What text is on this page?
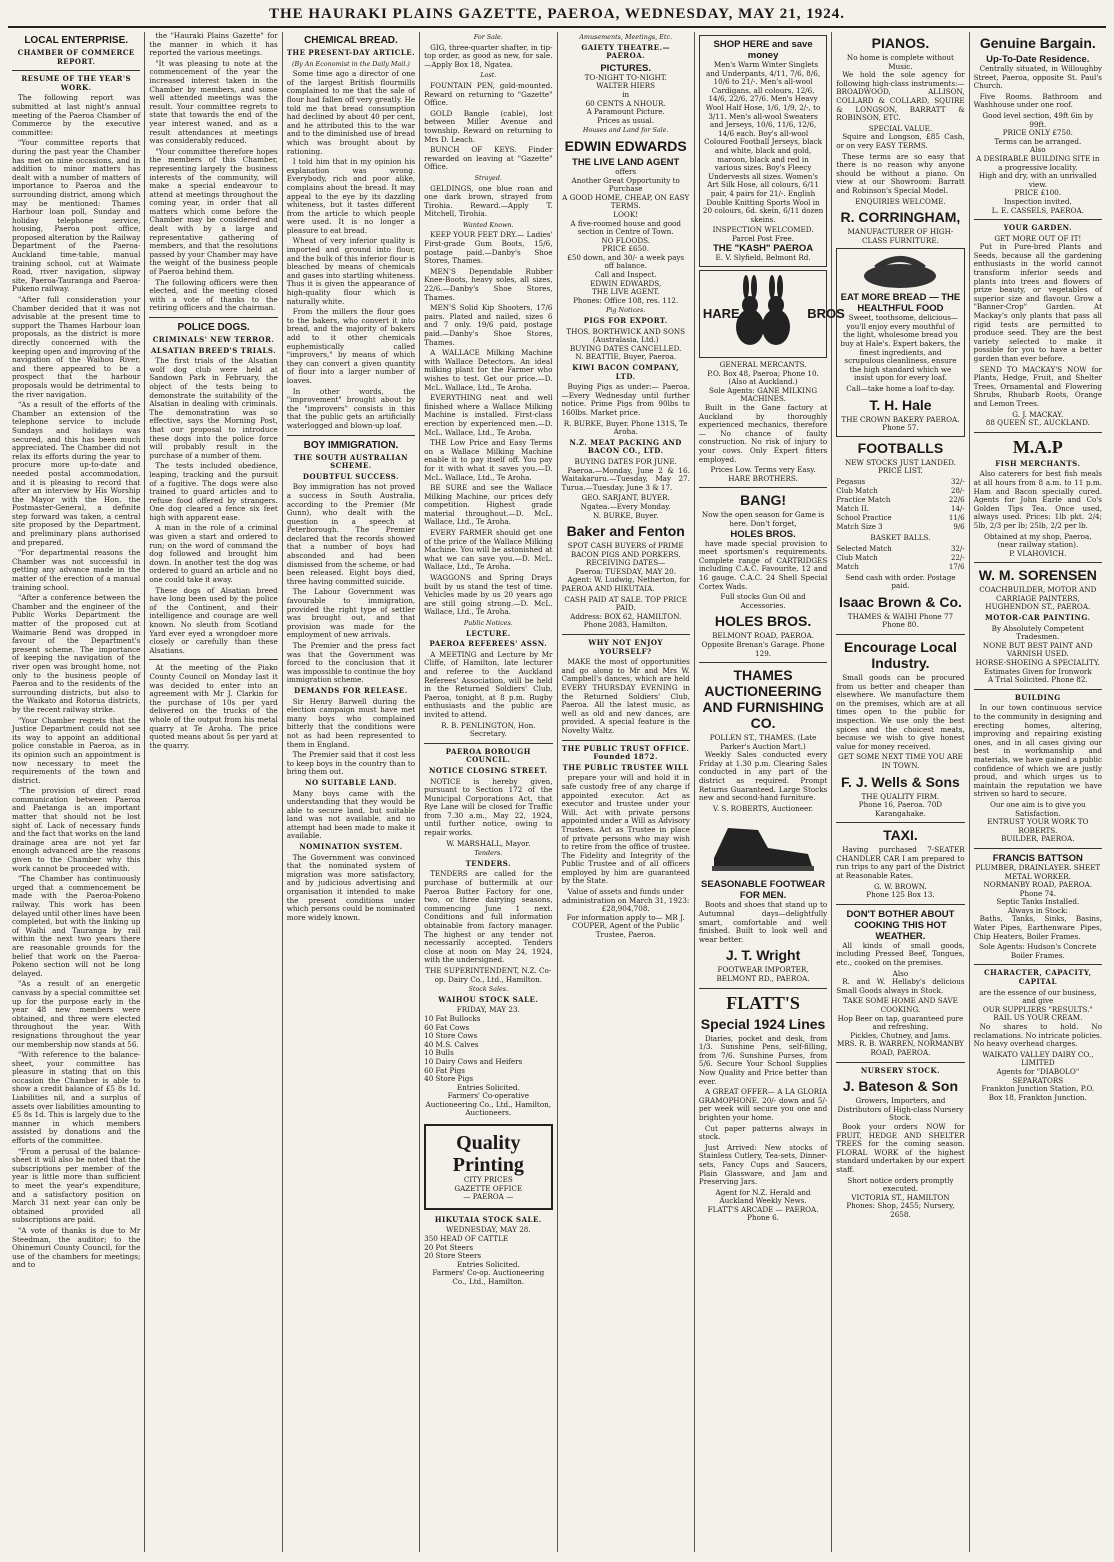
THE HAURAKI PLAINS GAZETTE, PAEROA, WEDNESDAY, MAY 21, 1924.
LOCAL ENTERPRISE.
CHAMBER OF COMMERCE REPORT.
RESUME OF THE YEAR'S WORK.

The following report was submitted at last night's annual meeting of the Paeroa Chamber of Commerce by the executive committee:

"Your committee reports that during the past year the Chamber has met on nine occasions, and in addition to minor matters has dealt with a number of matters of importance to Paeroa and the surrounding district, among which may be mentioned: Thames Harbour loan poll, Sunday and holiday telephone service, housing, Paeroa post office, proposed alteration by the Railway Department of the Paeroa-Auckland time-table, manual training school, cut at Waimate Road, river navigation, slipway site, Paeroa-Tauranga and Paeroa-Pukeno railway.

"After full consideration your Chamber decided that it was not advisable at the present time to support the Thames Harbour loan proposals, as the district is more directly concerned with the keeping open and improving of the navigation of the Waihou River, and there appeared to be a prospect that the harbour proposals would be detrimental to the river navigation.

"As a result of the efforts of the Chamber an extension of the telephone service to include Sundays and holidays was secured, and this has been much appreciated. The Chamber did not relax its efforts during the year to procure more up-to-date and needed postal accommodation, and it is pleasing to record that after an interview by His Worship the Mayor with the Hon. the Postmaster-General, a definite step forward was taken, a central site proposed by the Department, and preliminary plans authorised and prepared.

"For departmental reasons the Chamber was not successful in getting any advance made in the matter of the erection of a manual training school.

"After a conference between the Chamber and the engineer of the Public Works Department the matter of the proposed cut at Waimarie Bend was dropped in favour of the Department's present scheme. The importance of keeping the navigation of the river open was brought home, not only to the business people of Paeroa and to the residents of the surrounding districts, but also to the Waikato and Rotorua districts, by the recent railway strike.

"Your Chamber regrets that the Justice Department could not see its way to appoint an additional police constable in Paeroa, as in its opinion such an appointment is now necessary to meet the requirements of the town and district.

"The provision of direct road communication between Paeroa and Paetanga is an important matter that should not be lost sight of. Lack of necessary funds and the fact that works on the land drainage area are not yet far enough advanced are the reasons given to the Chamber why this work cannot be proceeded with.

"The Chamber has continuously urged that a commencement be made with the Paeroa-Pokeno railway. This work has been delayed until other lines have been completed, but with the linking up of Waihi and Tauranga by rail within the next two years there are reasonable grounds for the belief that work on the Paeroa-Pokeno section will not be long delayed.

"As a result of an energetic canvass by a special committee set up for the purpose early in the year 48 new members were obtained, and three were elected throughout the year. With resignations throughout the year our membership now stands at 56.

"With reference to the balance-sheet, your committee has pleasure in stating that on this occasion the Chamber is able to show a credit balance of £5 8s 1d. Liabilities nil, and a surplus of assets over liabilities amounting to £5 8s 1d. This is largely due to the manner in which members assisted by donations and the efforts of the committee.

"From a perusal of the balance-sheet it will also be noted that the subscriptions per member of the year is little more than sufficient to meet the year's expenditure, and a satisfactory position on March 31 next year can only be obtained provided all subscriptions are paid.

"A vote of thanks is due to Mr Steedman, the auditor; to the Ohinemuri County Council, for the use of the chambers for meetings; and to

the "Hauraki Plains Gazette" for the manner in which it has reported the various meetings.

"It was pleasing to note at the commencement of the year the increased interest taken in the Chamber by members, and some well attended meetings was the result. Your committee regrets to state that towards the end of the year interest waned, and as a result attendances at meetings was considerably reduced.

"Your committee therefore hopes the members of this Chamber, representing largely the business interests of the community, will make a special endeavour to attend at meetings throughout the coming year, in order that all matters which come before the Chamber may be considered and dealt with by a large and representative gathering of members, and that the resolutions passed by your Chamber may have the weight of the business people of Paeroa behind them.

The following officers were then elected, and the meeting closed with a vote of thanks to the retiring officers and the chairman.

POLICE DOGS.
CRIMINALS' NEW TERROR.
ALSATIAN BREED'S TRIALS.

The first trials of the Alsatian wolf dog club were held at Sandown Park in February, the object of the tests being to demonstrate the suitability of the Alsatian in dealing with criminals. The demonstration was so effective, says the Morning Post, that our proposal to introduce these dogs into the police force will probably result in the purchase of a number of them.

The tests included obedience, leaping, tracking and the pursuit of a fugitive. The dogs were also trained to guard articles and to refuse food offered by strangers. One dog cleared a fence six feet high with apparent ease.

A man in the role of a criminal was given a start and ordered to run; on the word of command the dog followed and brought him down. In another test the dog was ordered to guard an article and no one could take it away.

These dogs of Alsatian breed have long been used by the police of the Continent, and their intelligence and courage are well known. No sleuth from Scotland Yard ever eyed a wrongdoer more closely or carefully than these Alsatians.

At the meeting of the Piako County Council on Monday last it was decided to enter into an agreement with Mr J. Clarkin for the purchase of 10s per yard delivered on the trucks of the whole of the output from his metal quarry at Te Aroha. The price quoted means about 5s per yard at the quarry.

CHEMICAL BREAD.
THE PRESENT-DAY ARTICLE.
(By An Economist in the Daily Mail.)

Some time ago a director of one of the largest British flourmills complained to me that the sale of flour had fallen off very greatly. He told me that bread consumption had declined by about 40 per cent, and he attributed this to the war and to the diminished use of bread which was brought about by rationing.

I told him that in my opinion his explanation was wrong. Everybody, rich and poor alike, complains about the bread. It may appeal to the eye by its dazzling whiteness, but it tastes different from the article to which people were used. It is no longer a pleasure to eat bread.

Wheat of very inferior quality is imported and ground into flour, and the bulk of this inferior flour is bleached by means of chemicals and gases into startling whiteness. Thus it is given the appearance of high-quality flour which is naturally white.

From the millers the flour goes to the bakers, who convert it into bread, and the majority of bakers add to it other chemicals euphemistically called "improvers," by means of which they can convert a given quantity of flour into a larger number of loaves.

In other words, the "improvement" brought about by the "improvers" consists in this that the public gets an artificially waterlogged and blown-up loaf.

BOY IMMIGRATION.
THE SOUTH AUSTRALIAN SCHEME.
DOUBTFUL SUCCESS.

Boy immigration has not proved a success in South Australia, according to the Premier (Mr Gunn), who dealt with the question in a speech at Peterborough. The Premier declared that the records showed that a number of boys had absconded and had been dismissed from the scheme, or had been released. Eight boys died, three having committed suicide.

The Labour Government was favourable to immigration, provided the right type of settler was brought out, and that provision was made for the employment of new arrivals.

The Premier and the press fact was that the Government was forced to the conclusion that it was impossible to continue the boy immigration scheme.

DEMANDS FOR RELEASE.

Sir Henry Barwell during the election campaign must have met many boys who complained bitterly that the conditions were not as had been represented to them in England.

The Premier said that it cost less to keep boys in the country than to bring them out.

NO SUITABLE LAND.

Many boys came with the understanding that they would be able to secure land, but suitable land was not available, and no attempt had been made to make it available.

NOMINATION SYSTEM.

The Government was convinced that the nominated system of migration was more satisfactory, and by judicious advertising and organisation it intended to make the present conditions under which persons could be nominated more widely known.

For Sale.

GIG, three-quarter shafter, in tip-top order, as good as new, for sale.—Apply Box 18, Ngatea.

Lost.

FOUNTAIN PEN, gold-mounted. Reward on returning to "Gazette" Office.

GOLD Bangle (cable), lost between Miller Avenue and township. Reward on returning to Mrs D. Leach.

BUNCH OF KEYS. Finder rewarded on leaving at "Gazette" Office.

Strayed.

GELDINGS, one blue roan and one dark brown, strayed from Tirohia. Reward.—Apply T. Mitchell, Tirohia.

Wanted Known.

KEEP YOUR FEET DRY.— Ladies' First-grade Gum Boots, 15/6, postage paid.—Danby's Shoe Stores, Thames.

MEN'S Dependable Rubber Knee-Boots, heavy soles, all sizes, 22/6.—Danby's Shoe Stores, Thames.

MEN'S Solid Kip Shooters, 17/6 pairs. Plated and nailed, sizes 6 and 7 only. 19/6 paid, postage paid.—Danby's Shoe Stores, Thames.

A WALLACE Milking Machine with Wallace Detectors. An ideal milking plant for the Farmer who wishes to test. Get our price.—D. McL. Wallace, Ltd., Te Aroha.

EVERYTHING neat and well finished where a Wallace Milking Machine is installed. First-class erection by experienced men.—D. McL. Wallace, Ltd., Te Aroha.

THE Low Price and Easy Terms on a Wallace Milking Machine enable it to pay itself off. You pay for it with what it saves you.—D. McL. Wallace, Ltd., Te Aroha.

BE SURE and see the Wallace Milking Machine, our prices defy competition. Highest grade material throughout.—D. McL. Wallace, Ltd., Te Aroha.

EVERY FARMER should get one of the price of the Wallace Milking Machine. You will be astonished at what we can save you.—D. McL. Wallace, Ltd., Te Aroha.

WAGGONS and Spring Drays built by us stand the test of time. Vehicles made by us 20 years ago are still going strong.—D. McL. Wallace, Ltd., Te Aroha.

Public Notices.
LECTURE.
PAEROA REFEREES' ASSN.

A MEETING and Lecture by Mr Cliffe, of Hamilton, late lecturer and referee to the Auckland Referees' Association, will be held in the Returned Soldiers' Club, Paeroa, tonight, at 8 p.m. Rugby enthusiasts and the public are invited to attend.

R. B. PENLINGTON, Hon. Secretary.
PAEROA BOROUGH COUNCIL.
NOTICE CLOSING STREET.

NOTICE is hereby given, pursuant to Section 172 of the Municipal Corporations Act, that Rye Lane will be closed for Traffic from 7.30 a.m., May 22, 1924, until further notice, owing to repair works.

W. MARSHALL, Mayor.
Tenders.
TENDERS.

TENDERS are called for the purchase of buttermilk at our Paeroa Butter Factory for one, two, or three dairying seasons, commencing June 1 next. Conditions and full information obtainable from factory manager. The highest or any tender not necessarily accepted. Tenders close at noon on May 24, 1924, with the undersigned.

THE SUPERINTENDENT, N.Z. Co-op. Dairy Co., Ltd., Hamilton.
Stock Sales.
WAIHOU STOCK SALE.
FRIDAY, MAY 23.
10 Fat Bullocks
60 Fat Cows
10 Store Cows
40 M.S. Calves
10 Bulls
10 Dairy Cows and Heifers
60 Fat Pigs
40 Store Pigs
Entries Solicited.
Farmers' Co-operative Auctioneering Co., Ltd., Hamilton, Auctioneers.
Quality
Printing
CITY PRICES
GAZETTE OFFICE
— PAEROA —
HIKUTAIA STOCK SALE.
WEDNESDAY, MAY 28.
350 HEAD OF CATTLE
20 Pot Steers
20 Store Steers
Entries Solicited.
Farmers' Co-op. Auctioneering Co., Ltd., Hamilton.
Amusements, Meetings, Etc.
GAIETY THEATRE.— PAEROA.
PICTURES.
TO-NIGHT TO-NIGHT.
WALTER HIERS
in
60 CENTS A NHOUR.
A Paramount Picture.
Prices as usual.
Houses and Land for Sale.
EDWIN EDWARDS
THE LIVE LAND AGENT
offers
Another Great Opportunity to Purchase
A GOOD HOME, CHEAP, ON EASY TERMS.
LOOK!
A five-roomed house and good section in Centre of Town.
NO FLOODS.
PRICE £650.
£50 down, and 30/- a week pays off balance.
Call and Inspect.
EDWIN EDWARDS,
THE LIVE AGENT.
Phones: Office 108, res. 112.
Pig Notices.
PIGS FOR EXPORT.
THOS. BORTHWICK AND SONS (Australasia, Ltd.)
BUYING DATES CANCELLED.
N. BEATTIE, Buyer, Paeroa.
KIWI BACON COMPANY, LTD.

Buying Pigs as under:— Paeroa.—Every Wednesday until further notice. Prime Pigs from 90lbs to 160lbs. Market price.

R. BURKE, Buyer. Phone 131S, Te Aroha.
N.Z. MEAT PACKING AND BACON CO., LTD.
BUYING DATES FOR JUNE.

Paeroa.—Monday, June 2 & 16. Waitakaruru.—Tuesday, May 27. Turua.—Tuesday, June 3 & 17.

GEO. SARJANT, BUYER.
Ngatea.—Every Monday.
N. BURKE, Buyer.
Baker and Fenton
SPOT CASH BUYERS of PRIME BACON PIGS AND PORKERS.
RECEIVING DATES—
Paeroa: TUESDAY, MAY 20.

Agent: W. Ludwig, Netherton, for PAEROA AND HIKUTAIA.

CASH PAID AT SALE. TOP PRICE PAID.
Address: BOX 62, HAMILTON. Phone 2083, Hamilton.
WHY NOT ENJOY YOURSELF?

MAKE the most of opportunities and go along to Mr and Mrs W. Campbell's dances, which are held EVERY THURSDAY EVENING in the Returned Soldiers' Club, Paeroa. All the latest music, as well as old and new dances, are provided. A special feature is the Novelty Waltz.

THE PUBLIC TRUST OFFICE. Founded 1872.
THE PUBLIC TRUSTEE WILL

prepare your will and hold it in safe custody free of any charge if appointed executor. Act as executor and trustee under your Will. Act with private persons appointed under a Will as Advisory Trustees. Act as Trustee in place of private persons who may wish to retire from the office of trustee. The Fidelity and Integrity of the Public Trustee and of all officers employed by him are guaranteed by the State.

Value of assets and funds under administration on March 31, 1923: £28,904,708.
For information apply to— MR J. COUPER, Agent of the Public Trustee, Paeroa.
SHOP HERE and save money

Men's Warm Winter Singlets and Underpants, 4/11, 7/6, 8/6, 10/6 to 21/-. Men's all-wool Cardigans, all colours, 12/6, 14/6, 22/6, 27/6. Men's Heavy Wool Half Hose, 1/6, 1/9, 2/-, to 3/11. Men's all-wool Sweaters and Jerseys, 10/6, 11/6, 12/6, 14/6 each. Boy's all-wool Coloured Football Jerseys, black and white, black and gold, maroon, black and red in various sizes. Boy's Fleecy Undervests all sizes. Women's Art Silk Hose, all colours, 6/11 pair, 4 pairs for 21/-. English Double Knitting Sports Wool in 20 colours, 6d. skein, 6/11 dozen skeins.

INSPECTION WELCOMED. Parcel Post Free.
THE "KASH" PAEROA
E. V. Slyfield, Belmont Rd.
HARE	BROS
GENERAL MERCANTS.
P.O. Box 48, Paeroa; Phone 10. (Also at Auckland.)
Sole Agents: GANE MILKING MACHINES.

Built in the Gane factory at Auckland by thoroughly experienced mechanics, therefore— No chance of faulty construction. No risk of injury to your cows. Only Expert fitters employed.

Prices Low. Terms very Easy.
HARE BROTHERS.
BANG!
Now the open season for Game is here. Don't forget,
HOLES BROS.

have made special provision to meet sportsmen's requirements. Complete range of CARTRIDGES including C.A.C. Favourite, 12 and 16 gauge. C.A.C. 24 Shell Special Cortex Wads.

Full stocks Gun Oil and Accessories.
HOLES BROS.
BELMONT ROAD, PAEROA.
Opposite Brenan's Garage. Phone 129.
THAMES AUCTIONEERING AND FURNISHING CO.
POLLEN ST., THAMES. (Late Parker's Auction Mart.)

Weekly Sales conducted every Friday at 1.30 p.m. Clearing Sales conducted in any part of the district as required. Prompt Returns Guaranteed. Large Stocks new and second-hand furniture.

V. S. ROBERTS, Auctioneer.
SEASONABLE FOOTWEAR FOR MEN.

Boots and shoes that stand up to Autumnal days—delightfully smart, comfortable and well finished. Built to look well and wear better.

J. T. Wright
FOOTWEAR IMPORTER, BELMONT RD., PAEROA.
FLATT'S
Special 1924 Lines

Diaries, pocket and desk, from 1/3. Sunshine Pens, self-filling, from 7/6. Sunshine Purses, from 5/6. Secure Your School Supplies Now Quality and Price better than ever.

A GREAT OFFER— A LA GLORIA GRAMOPHONE. 20/- down and 5/- per week will secure you one and brighten your home.

Cut paper patterns always in stock.

Just Arrived: New stocks of Stainless Cutlery, Tea-sets, Dinner-sets, Fancy Cups and Saucers, Plain Glassware, and Jam and Preserving Jars.

Agent for N.Z. Herald and Auckland Weekly News.
FLATT'S ARCADE — PAEROA. Phone 6.
PIANOS.
No home is complete without Music.

We hold the sole agency for following high-class instruments:— BROADWOOD, ALLISON, COLLARD & COLLARD, SQUIRE & LONGSON, BARRATT & ROBINSON, ETC.

SPECIAL VALUE.

Squire and Longson, £85 Cash, or on very EASY TERMS.

These terms are so easy that there is no reason why anyone should be without a piano. On view at our Showroom: Barratt and Robinson's Special Model.

ENQUIRIES WELCOME.
R. CORRINGHAM,
MANUFACTURER OF HIGH-CLASS FURNITURE.
EAT MORE BREAD — THE HEALTHFUL FOOD

Sweet, toothsome, delicious— you'll enjoy every mouthful of the light, wholesome bread you buy at Hale's. Expert bakers, the finest ingredients, and scrupulous cleanliness, ensure the high standard which we insist upon for every loaf.

Call—take home a loaf to-day.
T. H. Hale
THE CROWN BAKERY PAEROA. Phone 57.
FOOTBALLS
NEW STOCKS JUST LANDED.
PRICE LIST.
Pegasus	32/-
Club Match	28/-
Practice Match	22/6
Match II.	14/-
School Practice	11/6
Match Size 3	9/6
BASKET BALLS.
Selected Match	32/-
Club Match	22/-
Match	17/6
Send cash with order. Postage paid.
Isaac Brown & Co.
THAMES & WAIHI Phone 77 Phone 80.
Encourage Local Industry.

Small goods can be procured from us better and cheaper than elsewhere. We manufacture them on the premises, which are at all times open to the public for inspection. We use only the best spices and the choicest meats, because we wish to give honest value for money received.

GET SOME NEXT TIME YOU ARE IN TOWN.
F. J. Wells & Sons
THE QUALITY FIRM.
Phone 16, Paeroa. 70D Karangahake.
TAXI.

Having purchased 7-SEATER CHANDLER CAR I am prepared to run trips to any part of the District at Reasonable Rates.

G. W. BROWN.
Phone 125 Box 13.
DON'T BOTHER ABOUT COOKING THIS HOT WEATHER.

All kinds of small goods, including Pressed Beef, Tongues, etc., cooked on the premises.

Also

R. and W. Hellaby's delicious Small Goods always in Stock.

TAKE SOME HOME AND SAVE COOKING.
Hop Beer on tap, guaranteed pure and refreshing.
Pickles, Chutney, and Jams.
MRS. R. B. WARREN, NORMANBY ROAD, PAEROA.
NURSERY STOCK.
J. Bateson & Son
Growers, Importers, and Distributors of High-class Nursery Stock.

Book your orders NOW for FRUIT, HEDGE AND SHELTER TREES for the coming season. FLORAL WORK of the highest standard undertaken by our expert staff.

Short notice orders promptly executed.
VICTORIA ST., HAMILTON
Phones: Shop, 2455; Nursery, 2658.
Genuine Bargain.
Up-To-Date Residence.

Centrally situated, in Willoughby Street, Paeroa, opposite St. Paul's Church.

Five Rooms. Bathroom and Washhouse under one roof.

Good level section, 49ft 6in by 99ft.
PRICE ONLY £750.
Terms can be arranged.
Also
A DESIRABLE BUILDING SITE in a progressive locality.
High and dry, with an unrivalled view.
PRICE £100.
Inspection invited.
L. E. CASSELS, PAEROA.
YOUR GARDEN.
GET MORE OUT OF IT!

Put in Pure-bred Plants and Seeds, because all the gardening enthusiasts in the world cannot transform inferior seeds and plants into trees and flowers of prize beauty, or vegetables of superior size and flavour. Grow a "Banner-Crop" Garden. At Mackay's only plants that pass all rigid tests are permitted to produce seed. They are the best variety selected to make it possible for you to have a better garden than ever before.

SEND TO MACKAY'S NOW for Plants, Hedge, Fruit, and Shelter Trees, Ornamental and Flowering Shrubs, Rhubarb Roots, Orange and Lemon Trees.

G. J. MACKAY.
88 QUEEN ST., AUCKLAND.
M.A.P
FISH MERCHANTS.

Also caterers for best fish meals at all hours from 8 a.m. to 11 p.m. Ham and Bacon specially cured. Agents for John Earle and Co's Golden Tips Tea. Once used, always used. Prices: 1lb pkt. 2/4; 5lb, 2/3 per lb; 25lb, 2/2 per lb.

Obtained at my shop, Paeroa, (near railway station).
P. VLAHOVICH.
W. M. SORENSEN
COACHBUILDER, MOTOR AND CARRIAGE PAINTERS, HUGHENDON ST., PAEROA.
MOTOR-CAR PAINTING.
By Absolutely Competent Tradesmen.
NONE BUT BEST PAINT AND VARNISH USED.
HORSE-SHOEING A SPECIALITY.
Estimates Given for Ironwork
A Trial Solicited. Phone 82.
BUILDING

In our town continuous service to the community in designing and erecting homes, altering, improving and repairing existing ones, and in all cases giving our best in workmanship and materials, we have gained a public confidence of which we are justly proud, and which urges us to maintain the reputation we have striven so hard to secure.

Our one aim is to give you Satisfaction.
ENTRUST YOUR WORK TO ROBERTS.
BUILDER, PAEROA.
FRANCIS BATTSON
PLUMBER, DRAINLAYER. SHEET METAL WORKER.
NORMANBY ROAD, PAEROA. Phone 74.
Septic Tanks Installed.
Always in Stock:

Baths, Tanks, Sinks, Basins, Water Pipes, Earthenware Pipes, Chip Heaters, Boiler Frames.

Sole Agents: Hudson's Concrete Boiler Frames.
CHARACTER, CAPACITY, CAPITAL
are the essence of our business, and give
OUR SUPPLIERS "RESULTS." RAIL US YOUR CREAM.

No shares to hold. No reclamations. No intricate policies. No heavy overhead charges.

WAIKATO VALLEY DAIRY CO., LIMITED
Agents for "DIABOLO" SEPARATORS
Frankton Junction Station, P.O. Box 18, Frankton Junction.
